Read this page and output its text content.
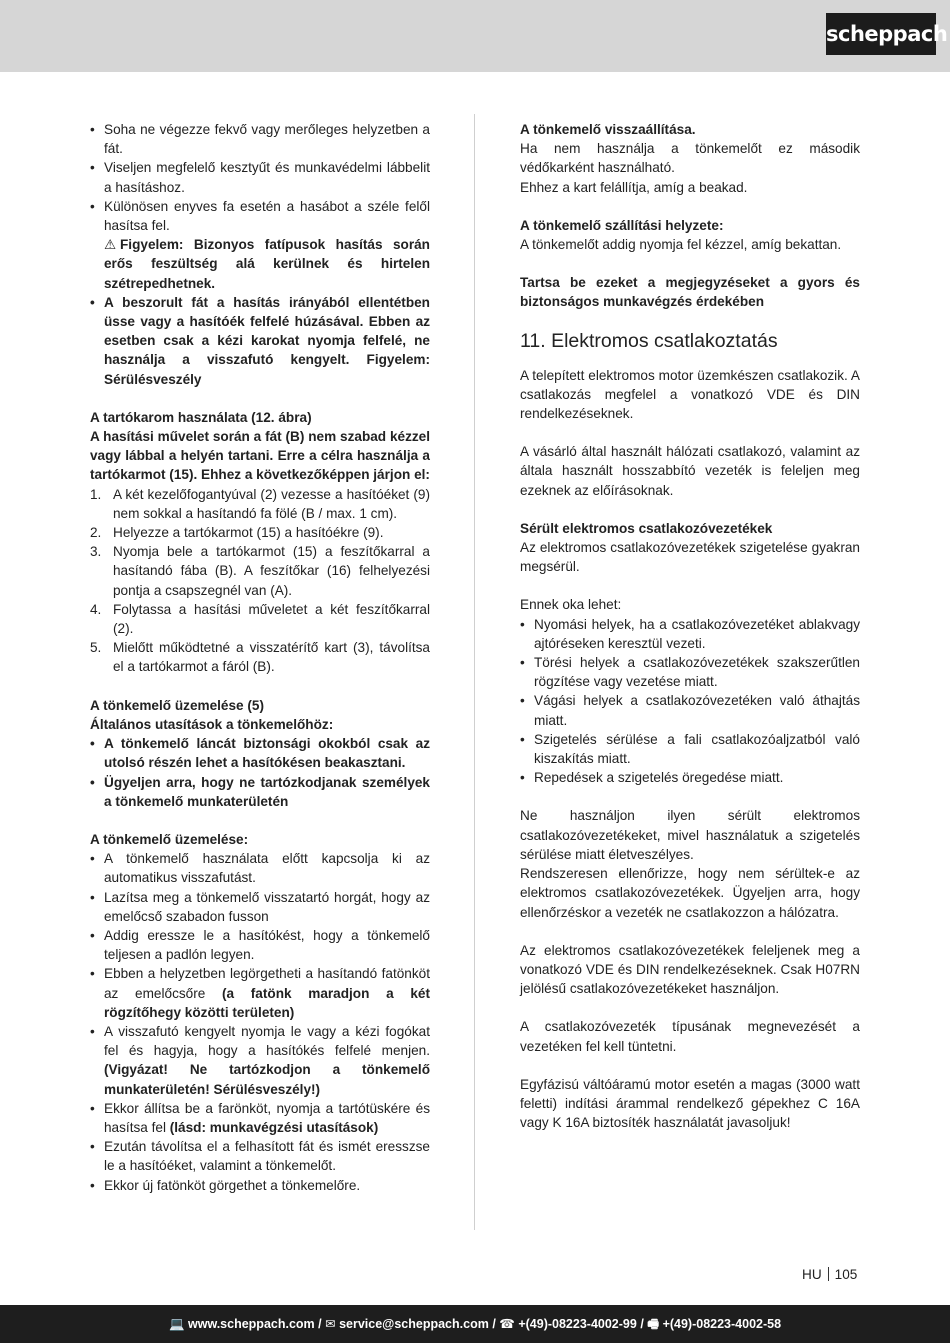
scheppach
• Soha ne végezze fekvő vagy merőleges helyzetben a fát.
• Viseljen megfelelő kesztyűt és munkavédelmi lábbelit a hasításhoz.
• Különösen enyves fa esetén a hasábot a széle felől hasítsa fel.

⚠ Figyelem: Bizonyos fatípusok hasítás során erős feszültség alá kerülnek és hirtelen szétrepedhetnek.

• A beszorult fát a hasítás irányából ellentétben üsse vagy a hasítóék felfelé húzásával. Ebben az esetben csak a kézi karokat nyomja felfelé, ne használja a visszafutó kengyelt. Figyelem: Sérülésveszély

A tartókarom használata (12. ábra)

A hasítási művelet során a fát (B) nem szabad kézzel vagy lábbal a helyén tartani. Erre a célra használja a tartókarmot (15). Ehhez a következőképpen járjon el:

1. A két kezelőfogantyúval (2) vezesse a hasítóéket (9) nem sokkal a hasítandó fa fölé (B / max. 1 cm).
2. Helyezze a tartókarmot (15) a hasítóékre (9).
3. Nyomja bele a tartókarmot (15) a feszítőkarral a hasítandó fába (B). A feszítőkar (16) felhelyezési pontja a csapszegnél van (A).
4. Folytassa a hasítási műveletet a két feszítőkarral (2).
5. Mielőtt működtetné a visszatérítő kart (3), távolítsa el a tartókarmot a fáról (B).

A tönkemelő üzemelése (5)

Általános utasítások a tönkemelőhöz:

• A tönkemelő láncát biztonsági okokból csak az utolsó részén lehet a hasítókésen beakasztani.
• Ügyeljen arra, hogy ne tartózkodjanak személyek a tönkemelő munkaterületén

A tönkemelő üzemelése:

• A tönkemelő használata előtt kapcsolja ki az automatikus visszafutást.
• Lazítsa meg a tönkemelő visszatartó horgát, hogy az emelőcső szabadon fusson
• Addig eressze le a hasítókést, hogy a tönkemelő teljesen a padlón legyen.
• Ebben a helyzetben legörgetheti a hasítandó fatönköt az emelőcsőre (a fatönk maradjon a két rögzítőhegy közötti területen)
• A visszafutó kengyelt nyomja le vagy a kézi fogókat fel és hagyja, hogy a hasítókés felfelé menjen. (Vigyázat! Ne tartózkodjon a tönkemelő munkaterületén! Sérülésveszély!)
• Ekkor állítsa be a farönköt, nyomja a tartótüskére és hasítsa fel (lásd: munkavégzési utasítások)
• Ezután távolítsa el a felhasított fát és ismét eresszse le a hasítóéket, valamint a tönkemelőt.
• Ekkor új fatönköt görgethet a tönkemelőre.

A tönkemelő visszaállítása.

Ha nem használja a tönkemelőt ez második védőkarként használható.

Ehhez a kart felállítja, amíg a beakad.

A tönkemelő szállítási helyzete:

A tönkemelőt addig nyomja fel kézzel, amíg bekattan.

Tartsa be ezeket a megjegyzéseket a gyors és biztonságos munkavégzés érdekében

11. Elektromos csatlakoztatás

A telepített elektromos motor üzemkészen csatlakozik. A csatlakozás megfelel a vonatkozó VDE és DIN rendelkezéseknek.

A vásárló által használt hálózati csatlakozó, valamint az általa használt hosszabbító vezeték is feleljen meg ezeknek az előírásoknak.

Sérült elektromos csatlakozóvezetékek

Az elektromos csatlakozóvezetékek szigetelése gyakran megsérül.

Ennek oka lehet:

• Nyomási helyek, ha a csatlakozóvezetéket ablakvagy ajtóréseken keresztül vezeti.
• Törési helyek a csatlakozóvezetékek szakszerűtlen rögzítése vagy vezetése miatt.
• Vágási helyek a csatlakozóvezetéken való áthajtás miatt.
• Szigetelés sérülése a fali csatlakozóaljzatból való kiszakítás miatt.
• Repedések a szigetelés öregedése miatt.

Ne használjon ilyen sérült elektromos csatlakozóvezetékeket, mivel használatuk a szigetelés sérülése miatt életveszélyes.

Rendszeresen ellenőrizze, hogy nem sérültek-e az elektromos csatlakozóvezetékek. Ügyeljen arra, hogy ellenőrzéskor a vezeték ne csatlakozzon a hálózatra.

Az elektromos csatlakozóvezetékek feleljenek meg a vonatkozó VDE és DIN rendelkezéseknek. Csak H07RN jelölésű csatlakozóvezetékeket használjon.

A csatlakozóvezeték típusának megnevezését a vezetéken fel kell tüntetni.

Egyfázisú váltóáramú motor esetén a magas (3000 watt feletti) indítási árammal rendelkező gépekhez C 16A vagy K 16A biztosíték használatát javasoljuk!

HU 105
💻 www.scheppach.com / ✉ service@scheppach.com / ☎ +(49)-08223-4002-99 / 🖷 +(49)-08223-4002-58
